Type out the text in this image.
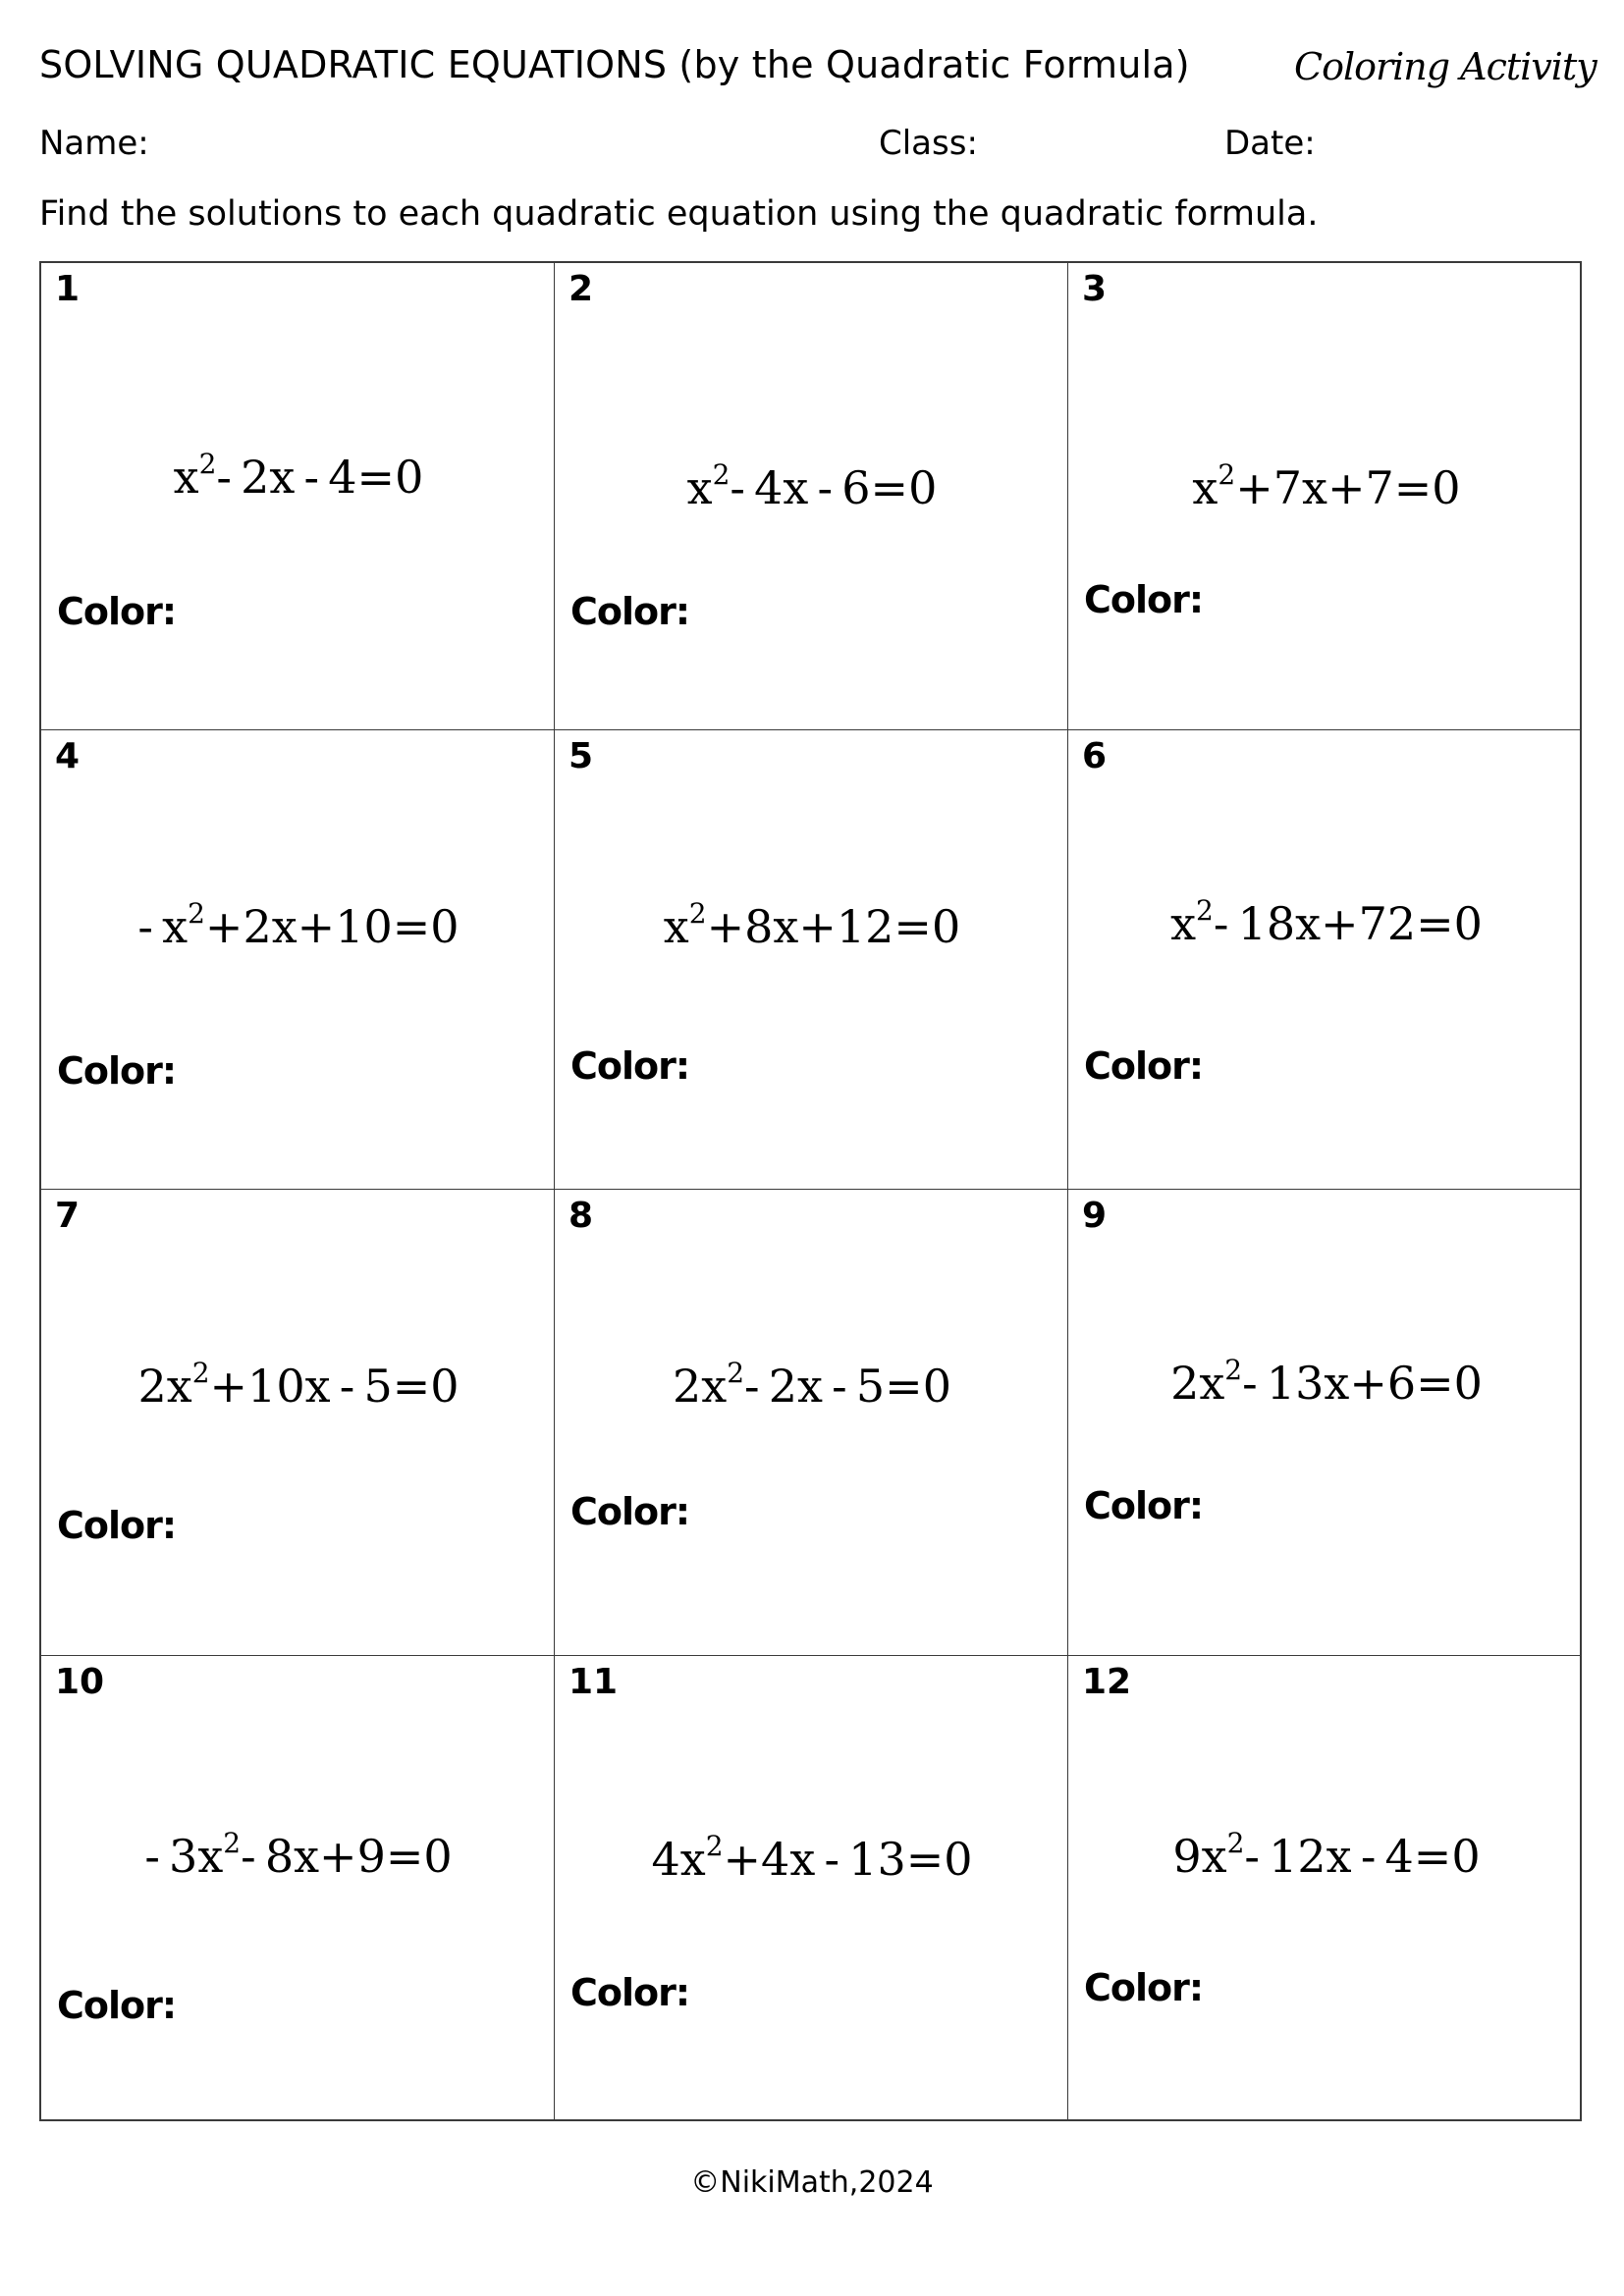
SOLVING QUADRATIC EQUATIONS (by the Quadratic Formula)	Coloring Activity
Name:	Class:	Date:
Find the solutions to each quadratic equation using the quadratic formula.
1
$x^2-$ 2x - 4=0
Color:
2
$x^2-$ 4x - 6=0
Color:
3
$x^2+7x+7=0$
Color:
4
- $x^2+2x+10=0$
Color:
5
$x^2+8x+12=0$
Color:
6
$x^2-$ 18x+72=0
Color:
7
$2x^2+10x - 5=0$
Color:
8
$2x^2-$ 2x - 5=0
Color:
9
$2x^2-$ 13x+6=0
Color:
10
- $3x^2-$ 8x+9=0
Color:
11
$4x^2+4x - 13=0$
Color:
12
$9x^2-$ 12x - 4=0
Color:
©NikiMath,2024
